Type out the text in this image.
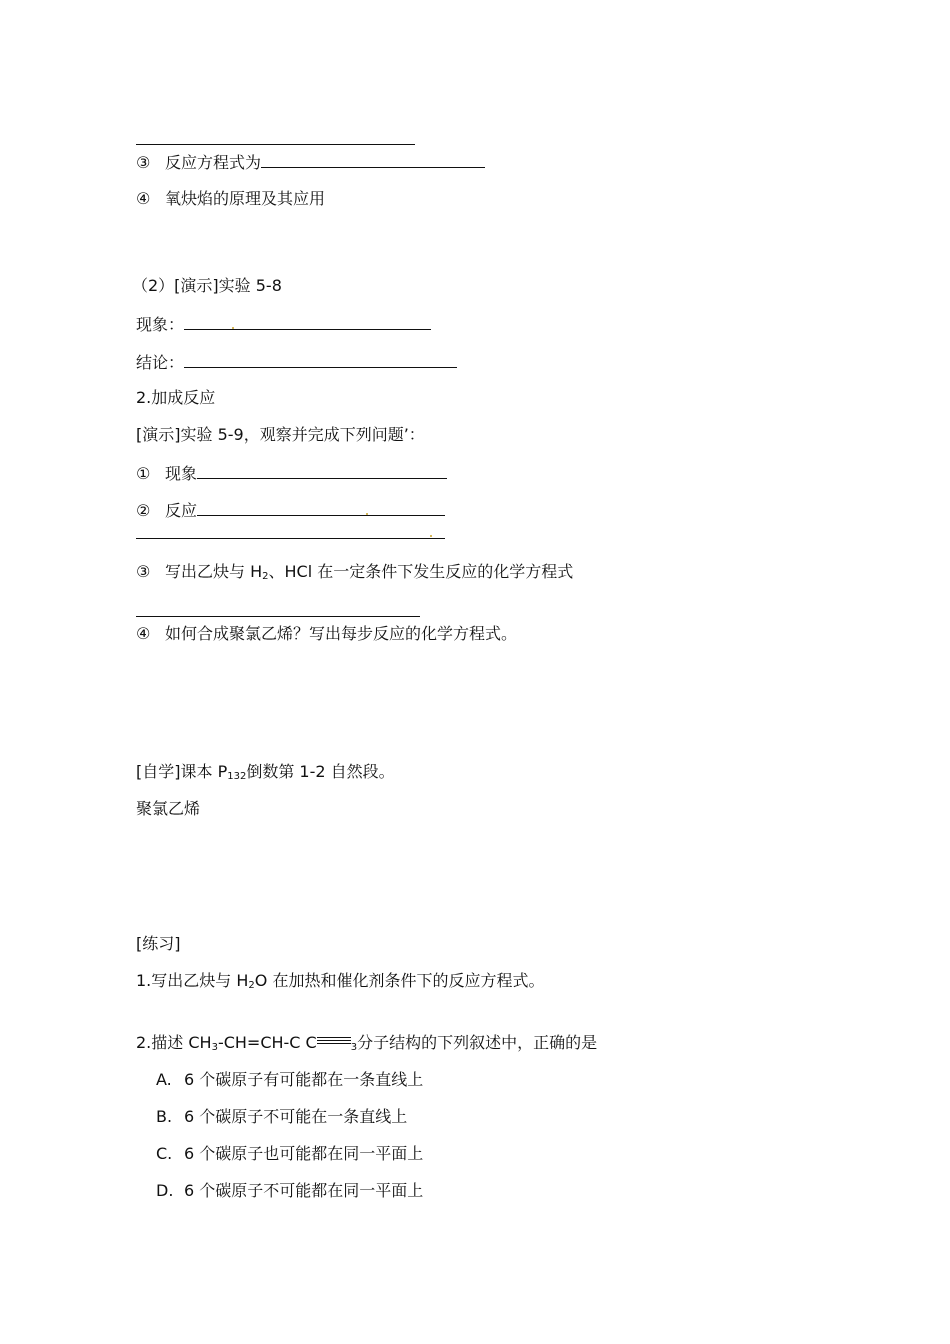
③ 反应方程式为
④ 氧炔焰的原理及其应用
（2）[演示]实验 5-8
现象：
结论：
2.加成反应
[演示]实验 5-9，观察并完成下列问题’：
① 现象
② 反应
③ 写出乙炔与 $H_2$、HCl 在一定条件下发生反应的化学方程式
④ 如何合成聚氯乙烯？写出每步反应的化学方程式。
[自学]课本 $P_{132}$倒数第 1-2 自然段。
聚氯乙烯
[练习]
1.写出乙炔与 $H_2O$ 在加热和催化剂条件下的反应方程式。
2.描述 $CH_3-CH=CH-C$ C	$_3$分子结构的下列叙述中，正确的是
A. 6 个碳原子有可能都在一条直线上
B. 6 个碳原子不可能在一条直线上
C. 6 个碳原子也可能都在同一平面上
D. 6 个碳原子不可能都在同一平面上
